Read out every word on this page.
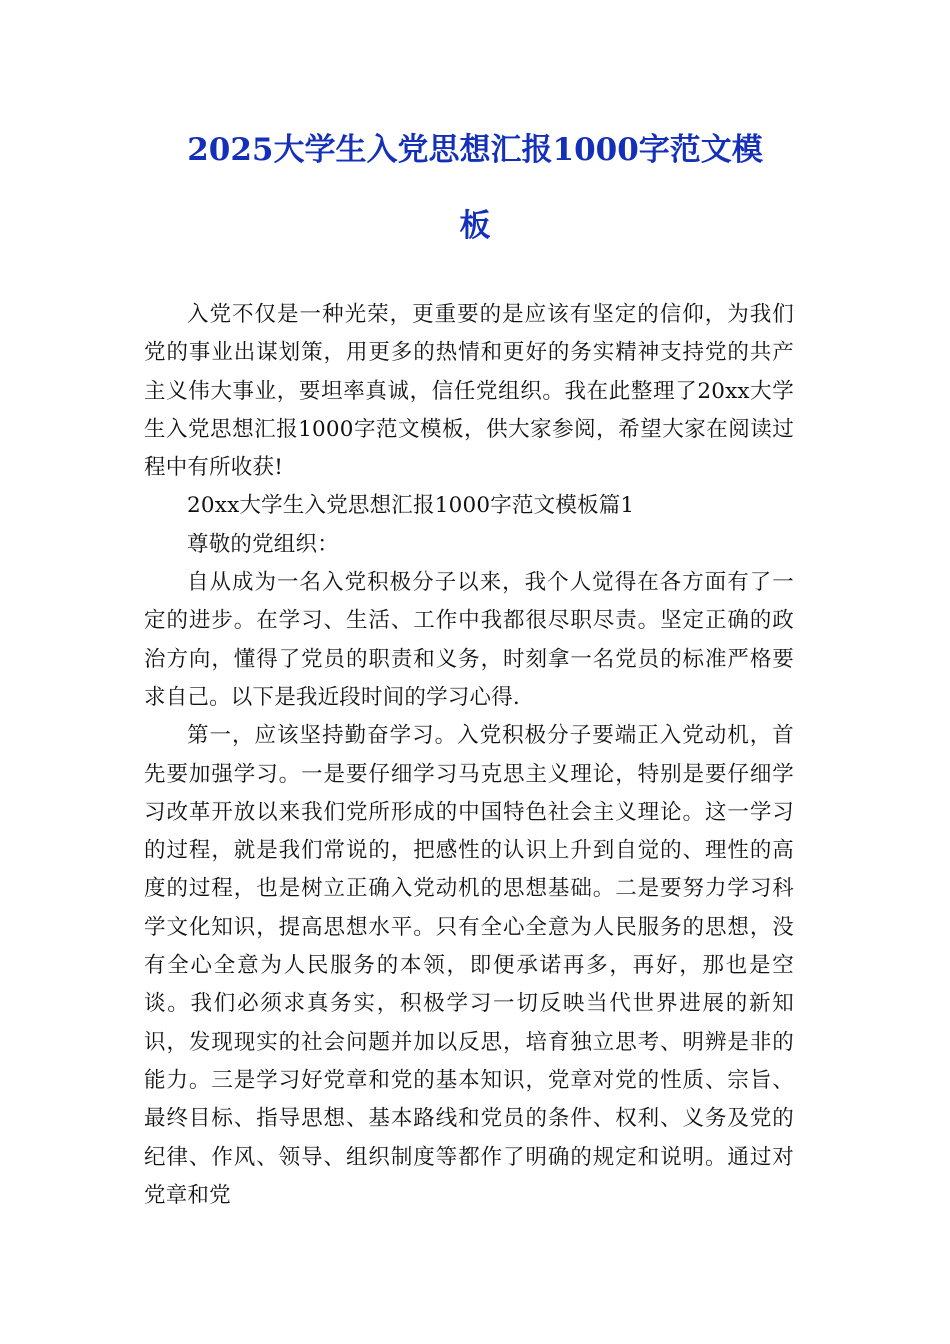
2025大学生入党思想汇报1000字范文模
板

入党不仅是一种光荣，更重要的是应该有坚定的信仰，为我们党的事业出谋划策，用更多的热情和更好的务实精神支持党的共产主义伟大事业，要坦率真诚，信任党组织。我在此整理了20xx大学生入党思想汇报1000字范文模板，供大家参阅，希望大家在阅读过程中有所收获!

20xx大学生入党思想汇报1000字范文模板篇1

尊敬的党组织：

自从成为一名入党积极分子以来，我个人觉得在各方面有了一定的进步。在学习、生活、工作中我都很尽职尽责。坚定正确的政治方向，懂得了党员的职责和义务，时刻拿一名党员的标准严格要求自己。以下是我近段时间的学习心得.

第一，应该坚持勤奋学习。入党积极分子要端正入党动机，首先要加强学习。一是要仔细学习马克思主义理论，特别是要仔细学习改革开放以来我们党所形成的中国特色社会主义理论。这一学习的过程，就是我们常说的，把感性的认识上升到自觉的、理性的高度的过程，也是树立正确入党动机的思想基础。二是要努力学习科学文化知识，提高思想水平。只有全心全意为人民服务的思想，没有全心全意为人民服务的本领，即便承诺再多，再好，那也是空谈。我们必须求真务实，积极学习一切反映当代世界进展的新知识，发现现实的社会问题并加以反思，培育独立思考、明辨是非的能力。三是学习好党章和党的基本知识，党章对党的性质、宗旨、最终目标、指导思想、基本路线和党员的条件、权利、义务及党的纪律、作风、领导、组织制度等都作了明确的规定和说明。通过对党章和党
